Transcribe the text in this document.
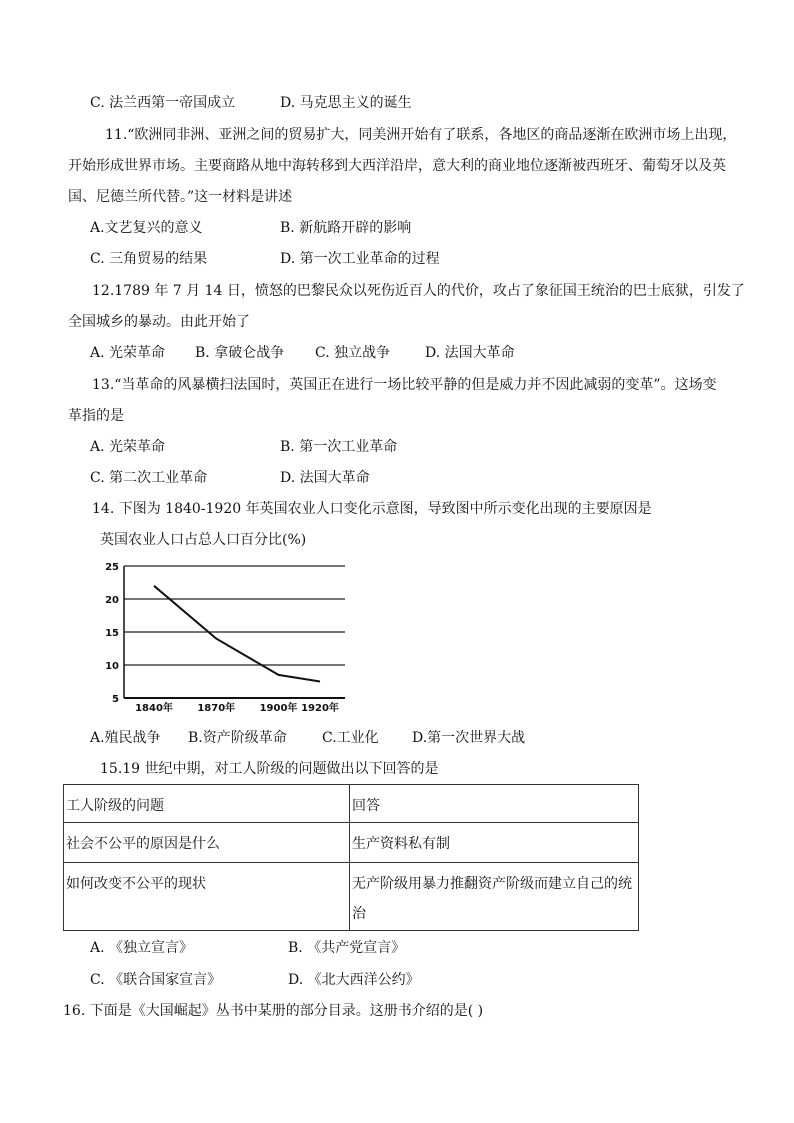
C. 法兰西第一帝国成立	D. 马克思主义的诞生
11.“欧洲同非洲、亚洲之间的贸易扩大，同美洲开始有了联系，各地区的商品逐渐在欧洲市场上出现，
开始形成世界市场。主要商路从地中海转移到大西洋沿岸，意大利的商业地位逐渐被西班牙、葡萄牙以及英
国、尼德兰所代替。”这一材料是讲述
A.文艺复兴的意义	B. 新航路开辟的影响
C. 三角贸易的结果	D. 第一次工业革命的过程
12.1789 年 7 月 14 日，愤怒的巴黎民众以死伤近百人的代价，攻占了象征国王统治的巴士底狱，引发了
全国城乡的暴动。由此开始了
A. 光荣革命 B. 拿破仑战争 C. 独立战争 D. 法国大革命
13.“当革命的风暴横扫法国时，英国正在进行一场比较平静的但是威力并不因此减弱的变革”。这场变
革指的是
A. 光荣革命	B. 第一次工业革命
C. 第二次工业革命	D. 法国大革命
14. 下图为 1840-1920 年英国农业人口变化示意图，导致图中所示变化出现的主要原因是
英国农业人口占总人口百分比(%)
5
10
15
20
25
1840年 1870年 1900年 1920年
A.殖民战争 B.资产阶级革命	C.工业化 D.第一次世界大战
15.19 世纪中期，对工人阶级的问题做出以下回答的是
工人阶级的问题	回答
社会不公平的原因是什么	生产资料私有制
如何改变不公平的现状	无产阶级用暴力推翻资产阶级而建立自己的统治
A. 《独立宣言》	B. 《共产党宣言》
C. 《联合国家宣言》	D. 《北大西洋公约》
16. 下面是《大国崛起》丛书中某册的部分目录。这册书介绍的是( )
